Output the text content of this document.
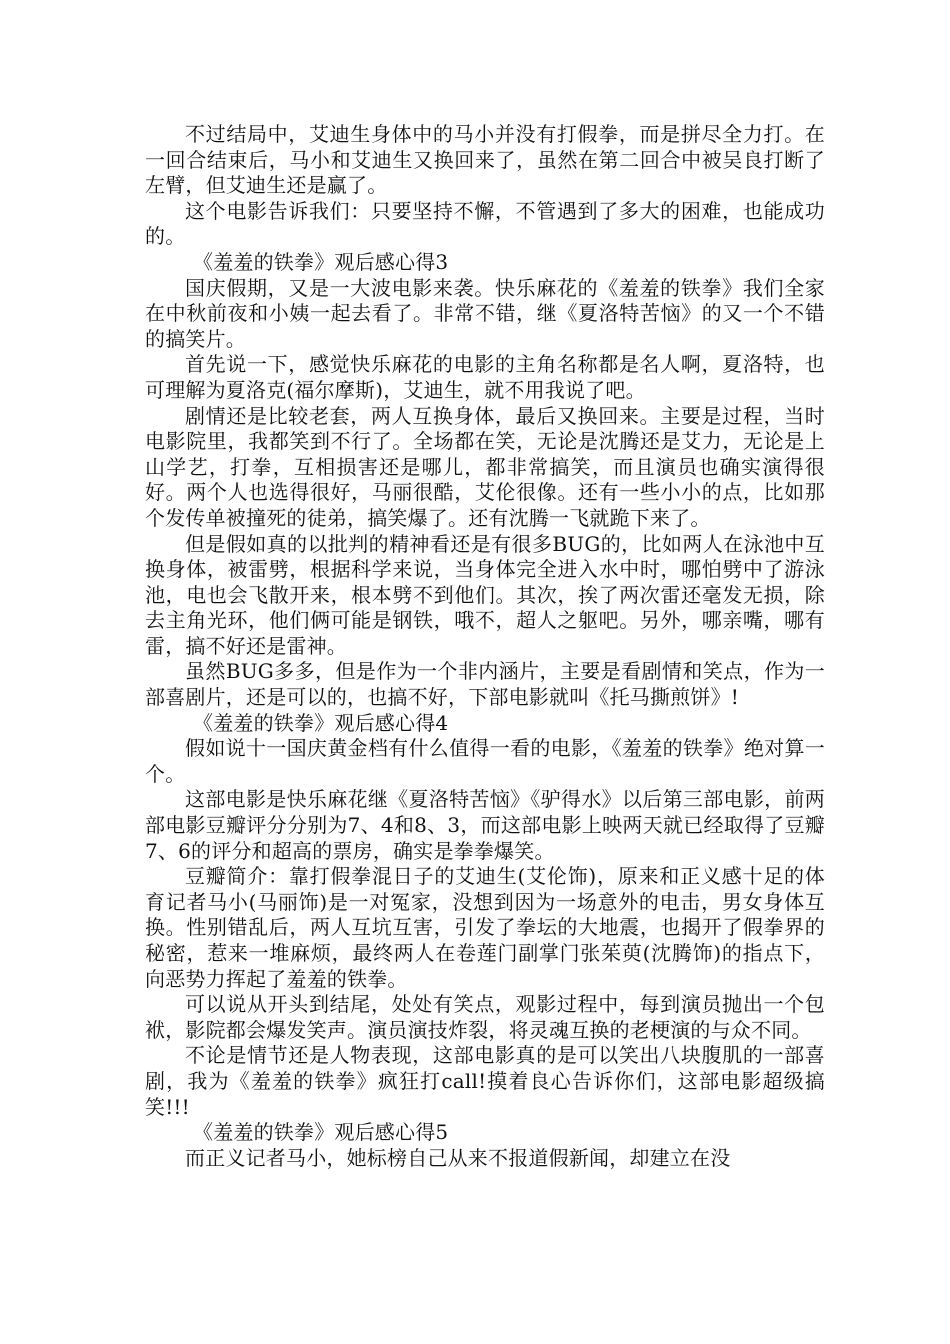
不过结局中，艾迪生身体中的马小并没有打假拳，而是拼尽全力打。在一回合结束后，马小和艾迪生又换回来了，虽然在第二回合中被吴良打断了左臂，但艾迪生还是赢了。

这个电影告诉我们：只要坚持不懈，不管遇到了多大的困难，也能成功的。

《羞羞的铁拳》观后感心得3

国庆假期，又是一大波电影来袭。快乐麻花的《羞羞的铁拳》我们全家在中秋前夜和小姨一起去看了。非常不错，继《夏洛特苦恼》的又一个不错的搞笑片。

首先说一下，感觉快乐麻花的电影的主角名称都是名人啊，夏洛特，也可理解为夏洛克(福尔摩斯)，艾迪生，就不用我说了吧。

剧情还是比较老套，两人互换身体，最后又换回来。主要是过程，当时电影院里，我都笑到不行了。全场都在笑，无论是沈腾还是艾力，无论是上山学艺，打拳，互相损害还是哪儿，都非常搞笑，而且演员也确实演得很好。两个人也选得很好，马丽很酷，艾伦很像。还有一些小小的点，比如那个发传单被撞死的徒弟，搞笑爆了。还有沈腾一飞就跪下来了。

但是假如真的以批判的精神看还是有很多BUG的，比如两人在泳池中互换身体，被雷劈，根据科学来说，当身体完全进入水中时，哪怕劈中了游泳池，电也会飞散开来，根本劈不到他们。其次，挨了两次雷还毫发无损，除去主角光环，他们俩可能是钢铁，哦不，超人之躯吧。另外，哪亲嘴，哪有雷，搞不好还是雷神。

虽然BUG多多，但是作为一个非内涵片，主要是看剧情和笑点，作为一部喜剧片，还是可以的，也搞不好，下部电影就叫《托马撕煎饼》!

《羞羞的铁拳》观后感心得4

假如说十一国庆黄金档有什么值得一看的电影，《羞羞的铁拳》绝对算一个。

这部电影是快乐麻花继《夏洛特苦恼》《驴得水》以后第三部电影，前两部电影豆瓣评分分别为7、4和8、3，而这部电影上映两天就已经取得了豆瓣7、6的评分和超高的票房，确实是拳拳爆笑。

豆瓣简介：靠打假拳混日子的艾迪生(艾伦饰)，原来和正义感十足的体育记者马小(马丽饰)是一对冤家，没想到因为一场意外的电击，男女身体互换。性别错乱后，两人互坑互害，引发了拳坛的大地震，也揭开了假拳界的秘密，惹来一堆麻烦，最终两人在卷莲门副掌门张茱萸(沈腾饰)的指点下，向恶势力挥起了羞羞的铁拳。

可以说从开头到结尾，处处有笑点，观影过程中，每到演员抛出一个包袱，影院都会爆发笑声。演员演技炸裂，将灵魂互换的老梗演的与众不同。

不论是情节还是人物表现，这部电影真的是可以笑出八块腹肌的一部喜剧，我为《羞羞的铁拳》疯狂打call!摸着良心告诉你们，这部电影超级搞笑!!!

《羞羞的铁拳》观后感心得5

而正义记者马小，她标榜自己从来不报道假新闻，却建立在没
